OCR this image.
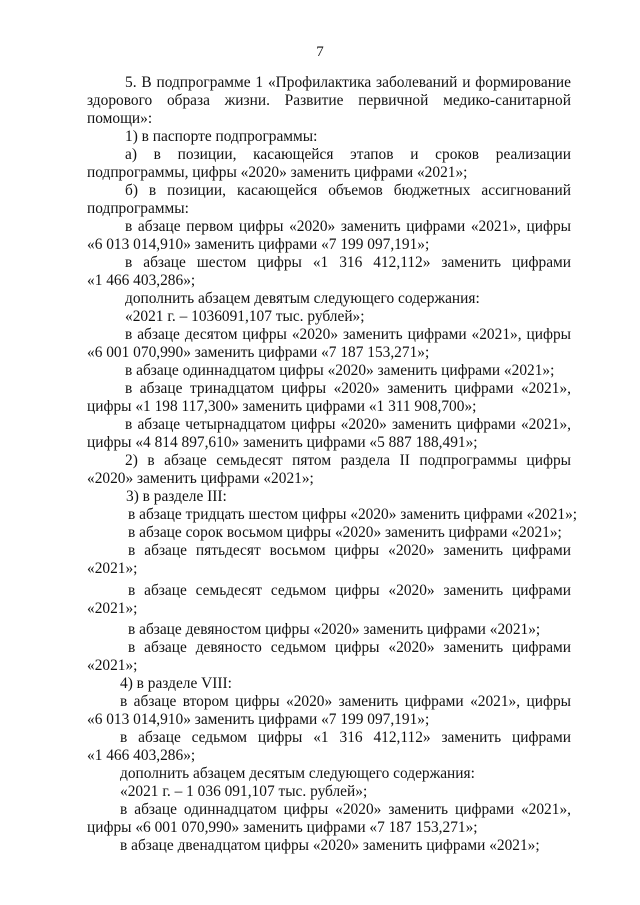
7
5. В подпрограмме 1 «Профилактика заболеваний и формирование
здорового образа жизни. Развитие первичной медико-санитарной
помощи»:
1) в паспорте подпрограммы:
а) в позиции, касающейся этапов и сроков реализации
подпрограммы, цифры «2020» заменить цифрами «2021»;
б) в позиции, касающейся объемов бюджетных ассигнований
подпрограммы:
в абзаце первом цифры «2020» заменить цифрами «2021», цифры
«6 013 014,910» заменить цифрами «7 199 097,191»;
в абзаце шестом цифры «1 316 412,112» заменить цифрами
«1 466 403,286»;
дополнить абзацем девятым следующего содержания:
«2021 г. – 1036091,107 тыс. рублей»;
в абзаце десятом цифры «2020» заменить цифрами «2021», цифры
«6 001 070,990» заменить цифрами «7 187 153,271»;
в абзаце одиннадцатом цифры «2020» заменить цифрами «2021»;
в абзаце тринадцатом цифры «2020» заменить цифрами «2021»,
цифры «1 198 117,300» заменить цифрами «1 311 908,700»;
в абзаце четырнадцатом цифры «2020» заменить цифрами «2021»,
цифры «4 814 897,610» заменить цифрами «5 887 188,491»;
2) в абзаце семьдесят пятом раздела II подпрограммы цифры
«2020» заменить цифрами «2021»;
3) в разделе III:
в абзаце тридцать шестом цифры «2020» заменить цифрами «2021»;
в абзаце сорок восьмом цифры «2020» заменить цифрами «2021»;
в абзаце пятьдесят восьмом цифры «2020» заменить цифрами
«2021»;
в абзаце семьдесят седьмом цифры «2020» заменить цифрами
«2021»;
в абзаце девяностом цифры «2020» заменить цифрами «2021»;
в абзаце девяносто седьмом цифры «2020» заменить цифрами
«2021»;
4) в разделе VIII:
в абзаце втором цифры «2020» заменить цифрами «2021», цифры
«6 013 014,910» заменить цифрами «7 199 097,191»;
в абзаце седьмом цифры «1 316 412,112» заменить цифрами
«1 466 403,286»;
дополнить абзацем десятым следующего содержания:
«2021 г. – 1 036 091,107 тыс. рублей»;
в абзаце одиннадцатом цифры «2020» заменить цифрами «2021»,
цифры «6 001 070,990» заменить цифрами «7 187 153,271»;
в абзаце двенадцатом цифры «2020» заменить цифрами «2021»;
